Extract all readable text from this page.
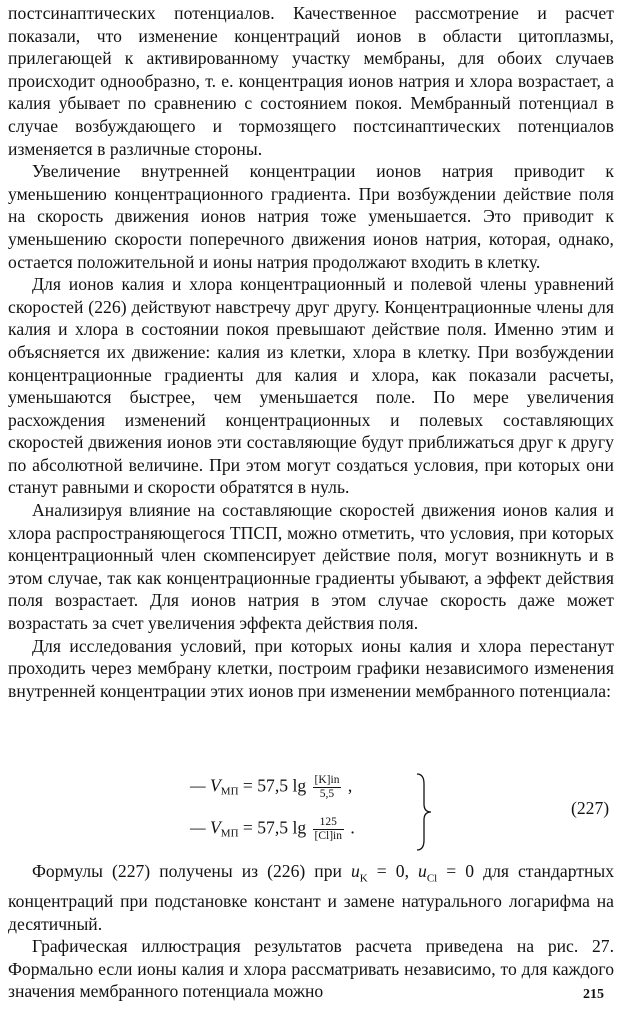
постсинаптических потенциалов. Качественное рассмотрение и расчет показали, что изменение концентраций ионов в области цитоплазмы, прилегающей к активированному участку мембраны, для обоих случаев происходит однообразно, т. е. концентрация ионов натрия и хлора возрастает, а калия убывает по сравнению с состоянием покоя. Мембранный потенциал в случае возбуждающего и тормозящего постсинаптических потенциалов изменяется в различные стороны.

Увеличение внутренней концентрации ионов натрия приводит к уменьшению концентрационного градиента. При возбуждении действие поля на скорость движения ионов натрия тоже уменьшается. Это приводит к уменьшению скорости поперечного движения ионов натрия, которая, однако, остается положительной и ионы натрия продолжают входить в клетку.

Для ионов калия и хлора концентрационный и полевой члены уравнений скоростей (226) действуют навстречу друг другу. Концентрационные члены для калия и хлора в состоянии покоя превышают действие поля. Именно этим и объясняется их движение: калия из клетки, хлора в клетку. При возбуждении концентрационные градиенты для калия и хлора, как показали расчеты, уменьшаются быстрее, чем уменьшается поле. По мере увеличения расхождения изменений концентрационных и полевых составляющих скоростей движения ионов эти составляющие будут приближаться друг к другу по абсолютной величине. При этом могут создаться условия, при которых они станут равными и скорости обратятся в нуль.

Анализируя влияние на составляющие скоростей движения ионов калия и хлора распространяющегося ТПСП, можно отметить, что условия, при которых концентрационный член скомпенсирует действие поля, могут возникнуть и в этом случае, так как концентрационные градиенты убывают, а эффект действия поля возрастает. Для ионов натрия в этом случае скорость даже может возрастать за счет увеличения эффекта действия поля.

Для исследования условий, при которых ионы калия и хлора перестанут проходить через мембрану клетки, построим графики независимого изменения внутренней концентрации этих ионов при изменении мембранного потенциала:

— $V_{МП} = 57,5$ $\lg \frac{[K]in}{5,5}$ ,
— $V_{МП} = 57,5$ $\lg \frac{125}{[Cl]in}$ .
(227)

Формулы (227) получены из (226) при $u_K = 0$, $u_{Cl} = 0$ для стандартных концентраций при подстановке констант и замене натурального логарифма на десятичный.

Графическая иллюстрация результатов расчета приведена на рис. 27. Формально если ионы калия и хлора рассматривать независимо, то для каждого значения мембранного потенциала можно	215
